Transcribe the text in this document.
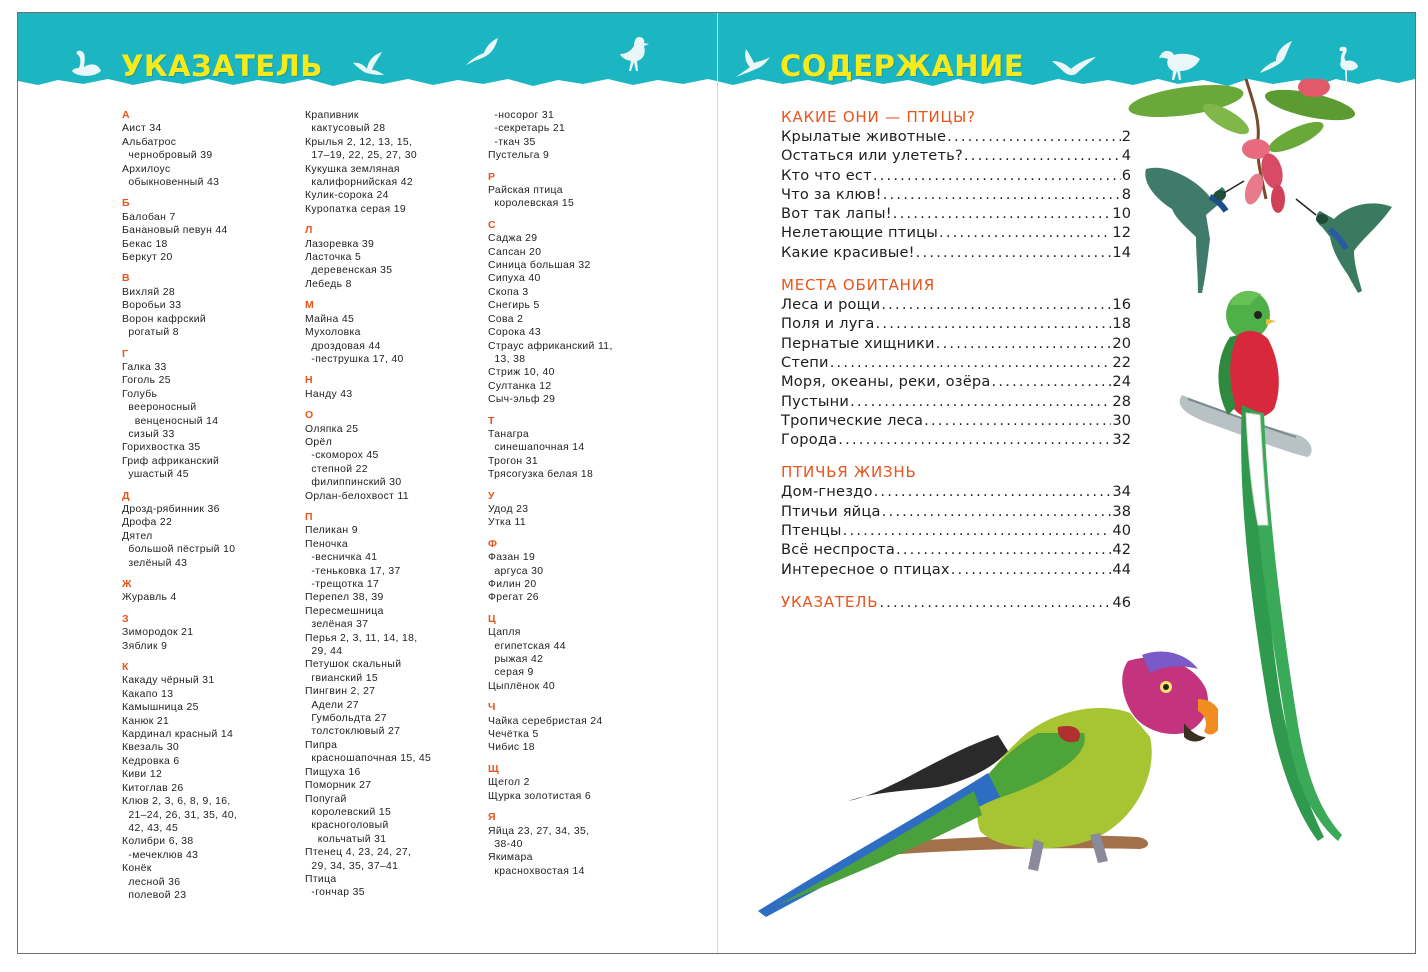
УКАЗАТЕЛЬ	СОДЕРЖАНИЕ
А
Аист 34
Альбатрос
чернобровый 39
Архилоус
обыкновенный 43
Б
Балобан 7
Банановый певун 44
Бекас 18
Беркут 20
В
Вихляй 28
Воробьи 33
Ворон кафрский
рогатый 8
Г
Галка 33
Гоголь 25
Голубь
веероносный
венценосный 14
сизый 33
Горихвостка 35
Гриф африканский
ушастый 45
Д
Дрозд-рябинник 36
Дрофа 22
Дятел
большой пёстрый 10
зелёный 43
Ж
Журавль 4
З
Зимородок 21
Зяблик 9
К
Какаду чёрный 31
Какапо 13
Камышница 25
Канюк 21
Кардинал красный 14
Квезаль 30
Кедровка 6
Киви 12
Китоглав 26
Клюв 2, 3, 6, 8, 9, 16,
21–24, 26, 31, 35, 40,
42, 43, 45
Колибри 6, 38
-мечеклюв 43
Конёк
лесной 36
полевой 23
Крапивник
кактусовый 28
Крылья 2, 12, 13, 15,
17–19, 22, 25, 27, 30
Кукушка земляная
калифорнийская 42
Кулик-сорока 24
Куропатка серая 19
Л
Лазоревка 39
Ласточка 5
деревенская 35
Лебедь 8
М
Майна 45
Мухоловка
дроздовая 44
-пеструшка 17, 40
Н
Нанду 43
О
Оляпка 25
Орёл
-скоморох 45
степной 22
филиппинский 30
Орлан-белохвост 11
П
Пеликан 9
Пеночка
-весничка 41
-теньковка 17, 37
-трещотка 17
Перепел 38, 39
Пересмешница
зелёная 37
Перья 2, 3, 11, 14, 18,
29, 44
Петушок скальный
гвианский 15
Пингвин 2, 27
Адели 27
Гумбольдта 27
толстоклювый 27
Пипра
красношапочная 15, 45
Пищуха 16
Поморник 27
Попугай
королевский 15
красноголовый
кольчатый 31
Птенец 4, 23, 24, 27,
29, 34, 35, 37–41
Птица
-гончар 35
-носорог 31
-секретарь 21
-ткач 35
Пустельга 9
Р
Райская птица
королевская 15
С
Саджа 29
Сапсан 20
Синица большая 32
Сипуха 40
Скопа 3
Снегирь 5
Сова 2
Сорока 43
Страус африканский 11,
13, 38
Стриж 10, 40
Султанка 12
Сыч-эльф 29
Т
Танагра
синешапочная 14
Трогон 31
Трясогузка белая 18
У
Удод 23
Утка 11
Ф
Фазан 19
аргуса 30
Филин 20
Фрегат 26
Ц
Цапля
египетская 44
рыжая 42
серая 9
Цыплёнок 40
Ч
Чайка серебристая 24
Чечётка 5
Чибис 18
Щ
Щегол 2
Щурка золотистая 6
Я
Яйца 23, 27, 34, 35,
38-40
Якимара
краснохвостая 14
КАКИЕ ОНИ — ПТИЦЫ?
Крылатые животные .....	2
Остаться или улететь? .....	4
Кто что ест .....	6
Что за клюв! .....	8
Вот так лапы! .....	10
Нелетающие птицы .....	12
Какие красивые! .....	14
МЕСТА ОБИТАНИЯ
Леса и рощи .....	16
Поля и луга .....	18
Пернатые хищники .....	20
Степи .....	22
Моря, океаны, реки, озёра .....	24
Пустыни .....	28
Тропические леса .....	30
Города .....	32
ПТИЧЬЯ ЖИЗНЬ
Дом-гнездо .....	34
Птичьи яйца .....	38
Птенцы .....	40
Всё неспроста .....	42
Интересное о птицах .....	44
УКАЗАТЕЛЬ .....	46
